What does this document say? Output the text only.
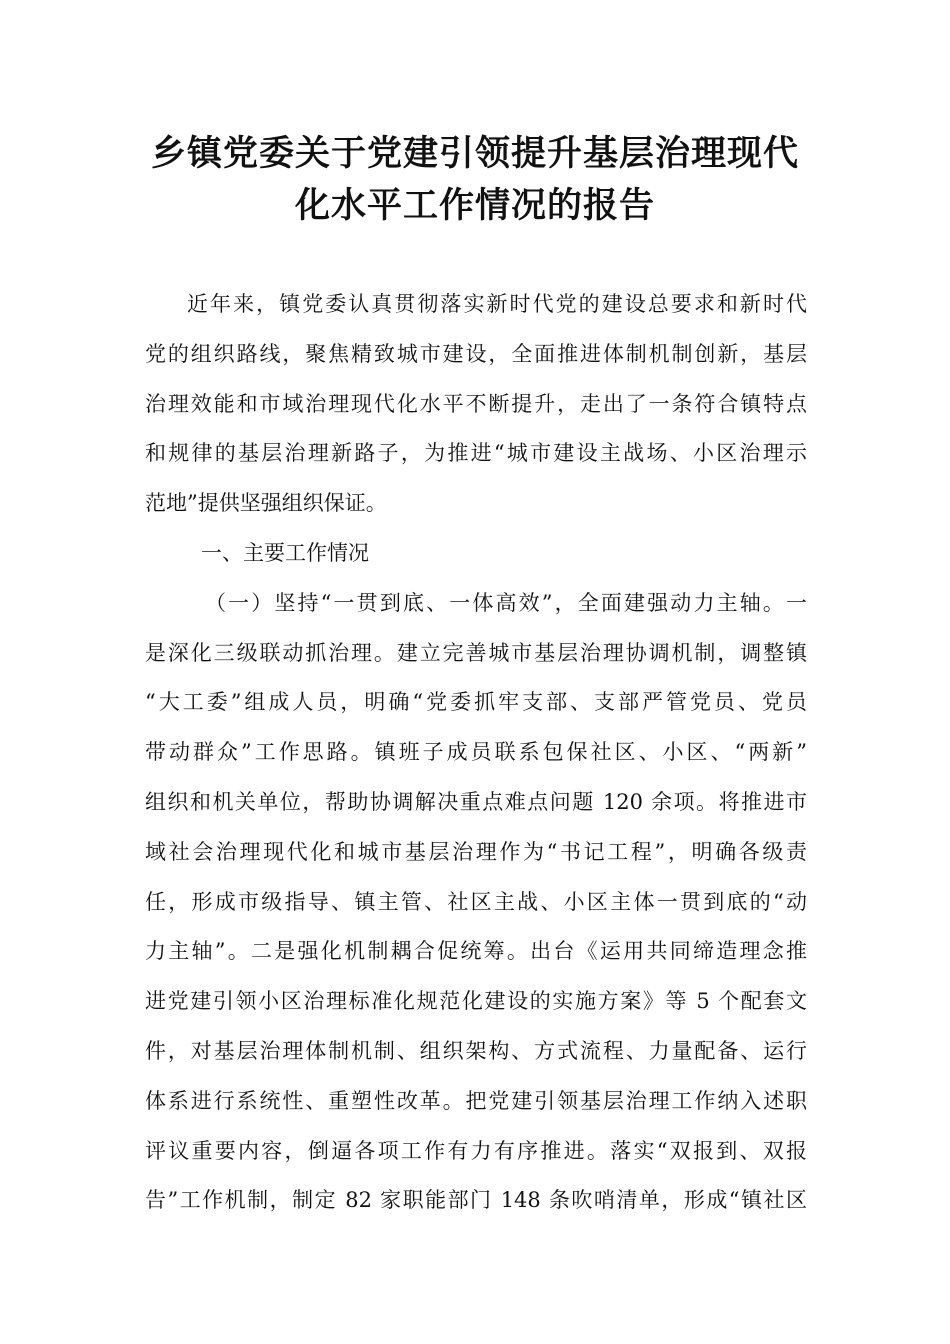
乡镇党委关于党建引领提升基层治理现代
化水平工作情况的报告
近年来，镇党委认真贯彻落实新时代党的建设总要求和新时代
党的组织路线，聚焦精致城市建设，全面推进体制机制创新，基层
治理效能和市域治理现代化水平不断提升，走出了一条符合镇特点
和规律的基层治理新路子，为推进“城市建设主战场、小区治理示
范地”提供坚强组织保证。
一、主要工作情况
（一）坚持“一贯到底、一体高效”，全面建强动力主轴。一
是深化三级联动抓治理。建立完善城市基层治理协调机制，调整镇
“大工委”组成人员，明确“党委抓牢支部、支部严管党员、党员
带动群众”工作思路。镇班子成员联系包保社区、小区、“两新”
组织和机关单位，帮助协调解决重点难点问题 120 余项。将推进市
域社会治理现代化和城市基层治理作为“书记工程”，明确各级责
任，形成市级指导、镇主管、社区主战、小区主体一贯到底的“动
力主轴”。二是强化机制耦合促统筹。出台《运用共同缔造理念推
进党建引领小区治理标准化规范化建设的实施方案》等 5 个配套文
件，对基层治理体制机制、组织架构、方式流程、力量配备、运行
体系进行系统性、重塑性改革。把党建引领基层治理工作纳入述职
评议重要内容，倒逼各项工作有力有序推进。落实“双报到、双报
告”工作机制，制定 82 家职能部门 148 条吹哨清单，形成“镇社区
